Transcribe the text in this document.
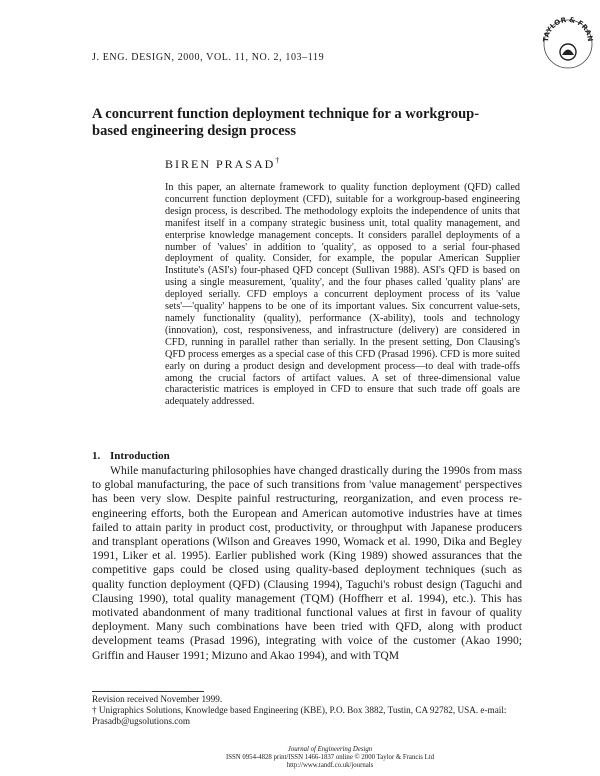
J. ENG. DESIGN, 2000, VOL. 11, NO. 2, 103–119
TAYLOR & FRAN
A concurrent function deployment technique for a workgroup-based engineering design process
BIREN PRASAD†
In this paper, an alternate framework to quality function deployment (QFD) called concurrent function deployment (CFD), suitable for a workgroup-based engineering design process, is described. The methodology exploits the independence of units that manifest itself in a company strategic business unit, total quality management, and enterprise knowledge management concepts. It considers parallel deployments of a number of 'values' in addition to 'quality', as opposed to a serial four-phased deployment of quality. Consider, for example, the popular American Supplier Institute's (ASI's) four-phased QFD concept (Sullivan 1988). ASI's QFD is based on using a single measurement, 'quality', and the four phases called 'quality plans' are deployed serially. CFD employs a concurrent deployment process of its 'value sets'—'quality' happens to be one of its important values. Six concurrent value-sets, namely functionality (quality), performance (X-ability), tools and technology (innovation), cost, responsiveness, and infrastructure (delivery) are considered in CFD, running in parallel rather than serially. In the present setting, Don Clausing's QFD process emerges as a special case of this CFD (Prasad 1996). CFD is more suited early on during a product design and development process—to deal with trade-offs among the crucial factors of artifact values. A set of three-dimensional value characteristic matrices is employed in CFD to ensure that such trade off goals are adequately addressed.
1. Introduction
While manufacturing philosophies have changed drastically during the 1990s from mass to global manufacturing, the pace of such transitions from 'value management' perspectives has been very slow. Despite painful restructuring, reorganization, and even process re-engineering efforts, both the European and American automotive industries have at times failed to attain parity in product cost, productivity, or throughput with Japanese producers and transplant operations (Wilson and Greaves 1990, Womack et al. 1990, Dika and Begley 1991, Liker et al. 1995). Earlier published work (King 1989) showed assurances that the competitive gaps could be closed using quality-based deployment techniques (such as quality function deployment (QFD) (Clausing 1994), Taguchi's robust design (Taguchi and Clausing 1990), total quality management (TQM) (Hoffherr et al. 1994), etc.). This has motivated abandonment of many traditional functional values at first in favour of quality deployment. Many such combinations have been tried with QFD, along with product development teams (Prasad 1996), integrating with voice of the customer (Akao 1990; Griffin and Hauser 1991; Mizuno and Akao 1994), and with TQM

Revision received November 1999.

† Unigraphics Solutions, Knowledge based Engineering (KBE), P.O. Box 3882, Tustin, CA 92782, USA. e-mail: Prasadb@ugsolutions.com

Journal of Engineering Design

ISSN 0954-4828 print/ISSN 1466-1837 online © 2000 Taylor & Francis Ltd

http://www.tandf.co.uk/journals
